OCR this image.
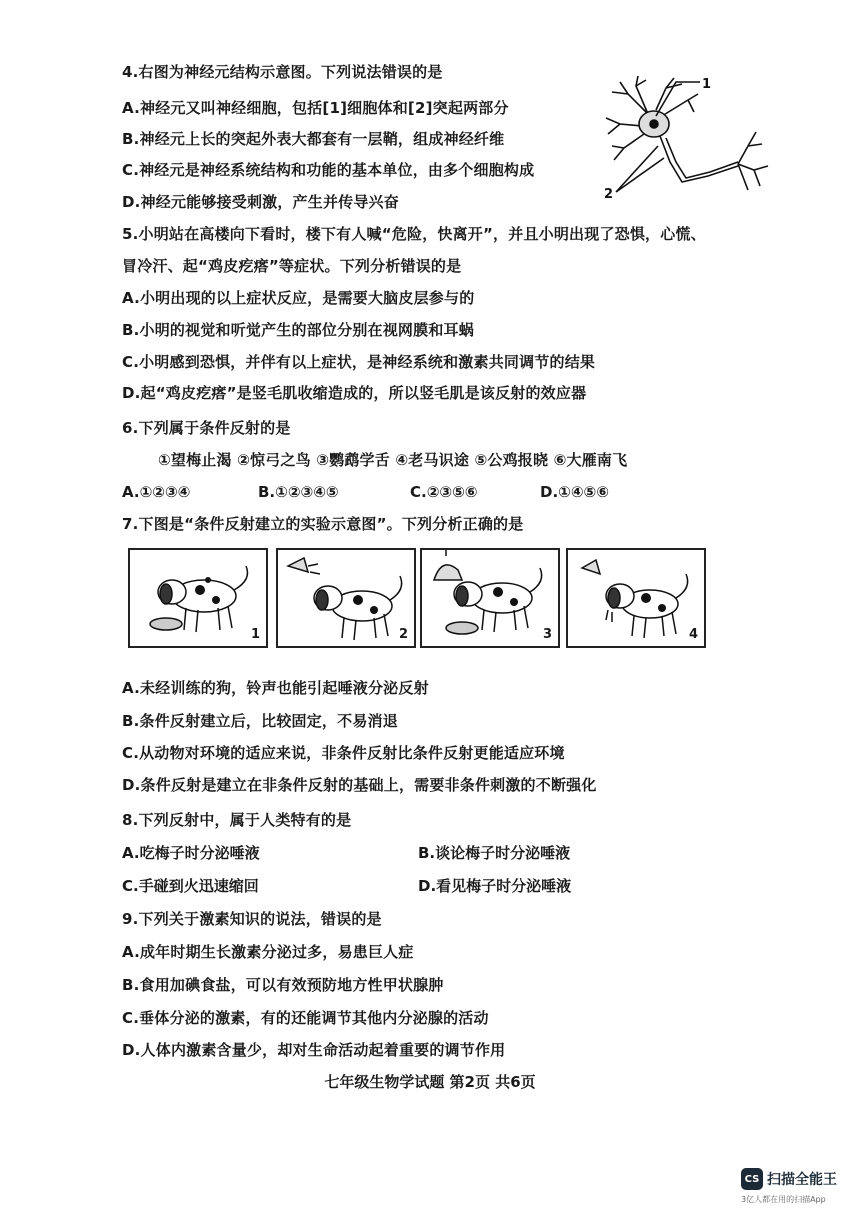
4.右图为神经元结构示意图。下列说法错误的是
A.神经元又叫神经细胞，包括[1]细胞体和[2]突起两部分
B.神经元上长的突起外表大都套有一层鞘，组成神经纤维
C.神经元是神经系统结构和功能的基本单位，由多个细胞构成
D.神经元能够接受刺激，产生并传导兴奋
1
2
5.小明站在高楼向下看时，楼下有人喊“危险，快离开”，并且小明出现了恐惧，心慌、
冒冷汗、起“鸡皮疙瘩”等症状。下列分析错误的是
A.小明出现的以上症状反应，是需要大脑皮层参与的
B.小明的视觉和听觉产生的部位分别在视网膜和耳蜗
C.小明感到恐惧，并伴有以上症状，是神经系统和激素共同调节的结果
D.起“鸡皮疙瘩”是竖毛肌收缩造成的，所以竖毛肌是该反射的效应器
6.下列属于条件反射的是
①望梅止渴 ②惊弓之鸟 ③鹦鹉学舌 ④老马识途 ⑤公鸡报晓 ⑥大雁南飞
A.①②③④	B.①②③④⑤	C.②③⑤⑥	D.①④⑤⑥
7.下图是“条件反射建立的实验示意图”。下列分析正确的是
1	2	3	4
A.未经训练的狗，铃声也能引起唾液分泌反射
B.条件反射建立后，比较固定，不易消退
C.从动物对环境的适应来说，非条件反射比条件反射更能适应环境
D.条件反射是建立在非条件反射的基础上，需要非条件刺激的不断强化
8.下列反射中，属于人类特有的是
A.吃梅子时分泌唾液	B.谈论梅子时分泌唾液
C.手碰到火迅速缩回	D.看见梅子时分泌唾液
9.下列关于激素知识的说法，错误的是
A.成年时期生长激素分泌过多，易患巨人症
B.食用加碘食盐，可以有效预防地方性甲状腺肿
C.垂体分泌的激素，有的还能调节其他内分泌腺的活动
D.人体内激素含量少，却对生命活动起着重要的调节作用
七年级生物学试题 第2页 共6页
CS 扫描全能王
3亿人都在用的扫描App
